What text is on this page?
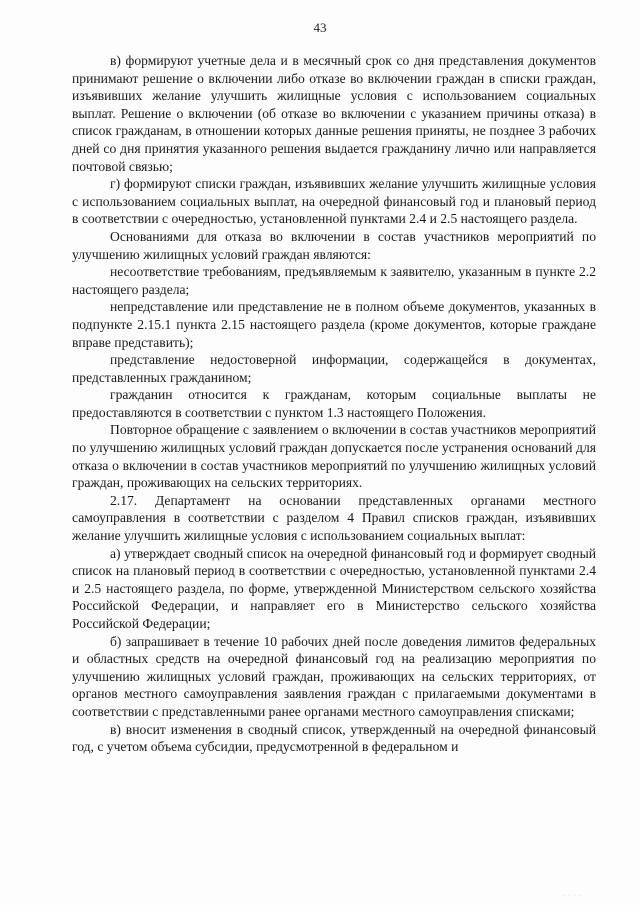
43

в) формируют учетные дела и в месячный срок со дня представления документов принимают решение о включении либо отказе во включении граждан в списки граждан, изъявивших желание улучшить жилищные условия с использованием социальных выплат. Решение о включении (об отказе во включении с указанием причины отказа) в список гражданам, в отношении которых данные решения приняты, не позднее 3 рабочих дней со дня принятия указанного решения выдается гражданину лично или направляется почтовой связью;

г) формируют списки граждан, изъявивших желание улучшить жилищные условия с использованием социальных выплат, на очередной финансовый год и плановый период в соответствии с очередностью, установленной пунктами 2.4 и 2.5 настоящего раздела.

Основаниями для отказа во включении в состав участников мероприятий по улучшению жилищных условий граждан являются:

несоответствие требованиям, предъявляемым к заявителю, указанным в пункте 2.2 настоящего раздела;

непредставление или представление не в полном объеме документов, указанных в подпункте 2.15.1 пункта 2.15 настоящего раздела (кроме документов, которые граждане вправе представить);

представление недостоверной информации, содержащейся в документах, представленных гражданином;

гражданин относится к гражданам, которым социальные выплаты не предоставляются в соответствии с пунктом 1.3 настоящего Положения.

Повторное обращение с заявлением о включении в состав участников мероприятий по улучшению жилищных условий граждан допускается после устранения оснований для отказа о включении в состав участников мероприятий по улучшению жилищных условий граждан, проживающих на сельских территориях.

2.17. Департамент на основании представленных органами местного самоуправления в соответствии с разделом 4 Правил списков граждан, изъявивших желание улучшить жилищные условия с использованием социальных выплат:

а) утверждает сводный список на очередной финансовый год и формирует сводный список на плановый период в соответствии с очередностью, установленной пунктами 2.4 и 2.5 настоящего раздела, по форме, утвержденной Министерством сельского хозяйства Российской Федерации, и направляет его в Министерство сельского хозяйства Российской Федерации;

б) запрашивает в течение 10 рабочих дней после доведения лимитов федеральных и областных средств на очередной финансовый год на реализацию мероприятия по улучшению жилищных условий граждан, проживающих на сельских территориях, от органов местного самоуправления заявления граждан с прилагаемыми документами в соответствии с представленными ранее органами местного самоуправления списками;

в) вносит изменения в сводный список, утвержденный на очередной финансовый год, с учетом объема субсидии, предусмотренной в федеральном и

· · · ·
